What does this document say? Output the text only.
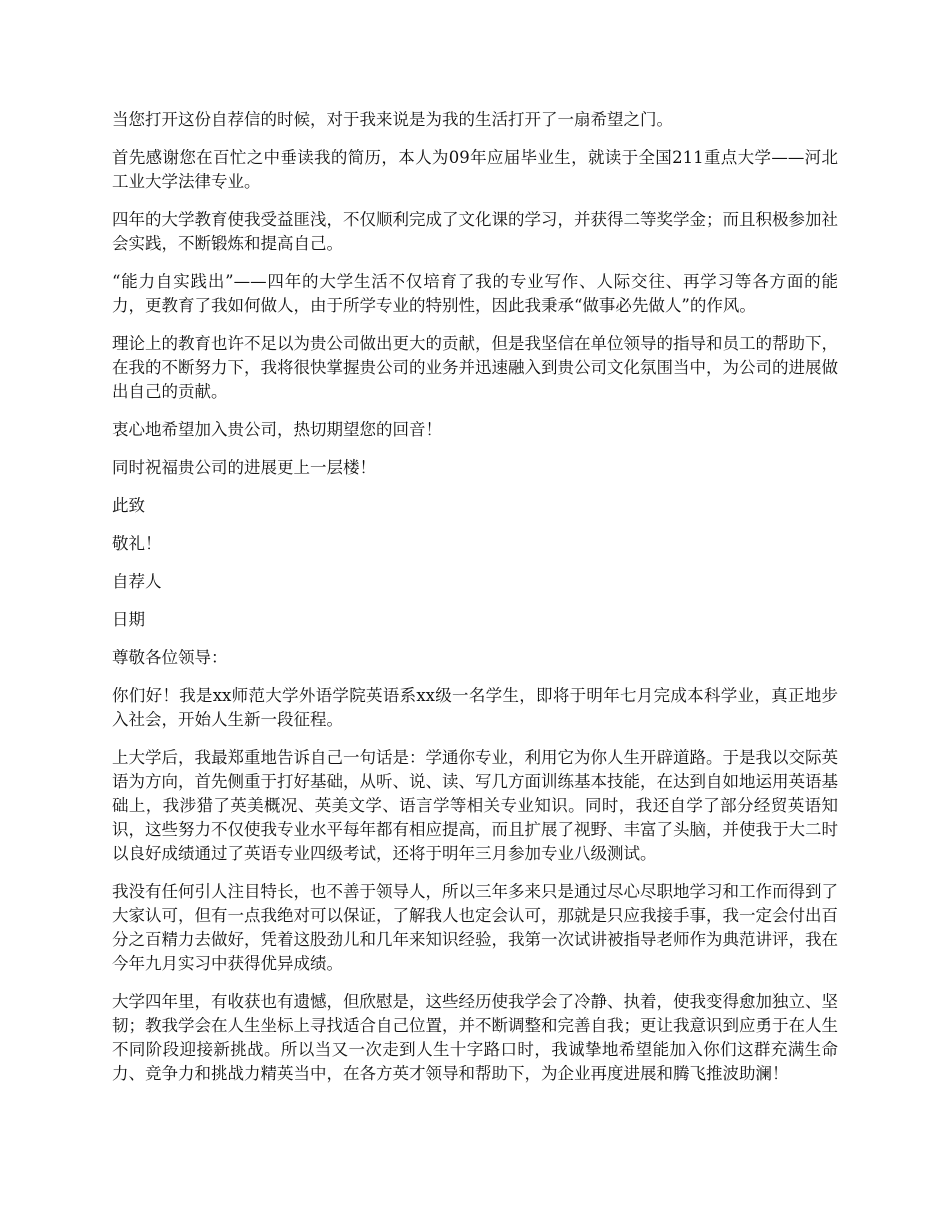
当您打开这份自荐信的时候，对于我来说是为我的生活打开了一扇希望之门。

首先感谢您在百忙之中垂读我的简历，本人为09年应届毕业生，就读于全国211重点大学——河北工业大学法律专业。

四年的大学教育使我受益匪浅，不仅顺利完成了文化课的学习，并获得二等奖学金；而且积极参加社会实践，不断锻炼和提高自己。

“能力自实践出”——四年的大学生活不仅培育了我的专业写作、人际交往、再学习等各方面的能力，更教育了我如何做人，由于所学专业的特别性，因此我秉承“做事必先做人”的作风。

理论上的教育也许不足以为贵公司做出更大的贡献，但是我坚信在单位领导的指导和员工的帮助下，在我的不断努力下，我将很快掌握贵公司的业务并迅速融入到贵公司文化氛围当中，为公司的进展做出自己的贡献。

衷心地希望加入贵公司，热切期望您的回音！

同时祝福贵公司的进展更上一层楼！

此致

敬礼！

自荐人

日期

尊敬各位领导：

你们好！我是xx师范大学外语学院英语系xx级一名学生，即将于明年七月完成本科学业，真正地步入社会，开始人生新一段征程。

上大学后，我最郑重地告诉自己一句话是：学通你专业，利用它为你人生开辟道路。于是我以交际英语为方向，首先侧重于打好基础，从听、说、读、写几方面训练基本技能，在达到自如地运用英语基础上，我涉猎了英美概况、英美文学、语言学等相关专业知识。同时，我还自学了部分经贸英语知识，这些努力不仅使我专业水平每年都有相应提高，而且扩展了视野、丰富了头脑，并使我于大二时以良好成绩通过了英语专业四级考试，还将于明年三月参加专业八级测试。

我没有任何引人注目特长，也不善于领导人，所以三年多来只是通过尽心尽职地学习和工作而得到了大家认可，但有一点我绝对可以保证，了解我人也定会认可，那就是只应我接手事，我一定会付出百分之百精力去做好，凭着这股劲儿和几年来知识经验，我第一次试讲被指导老师作为典范讲评，我在今年九月实习中获得优异成绩。

大学四年里，有收获也有遗憾，但欣慰是，这些经历使我学会了冷静、执着，使我变得愈加独立、坚韧；教我学会在人生坐标上寻找适合自己位置，并不断调整和完善自我；更让我意识到应勇于在人生不同阶段迎接新挑战。所以当又一次走到人生十字路口时，我诚挚地希望能加入你们这群充满生命力、竞争力和挑战力精英当中，在各方英才领导和帮助下，为企业再度进展和腾飞推波助澜！
